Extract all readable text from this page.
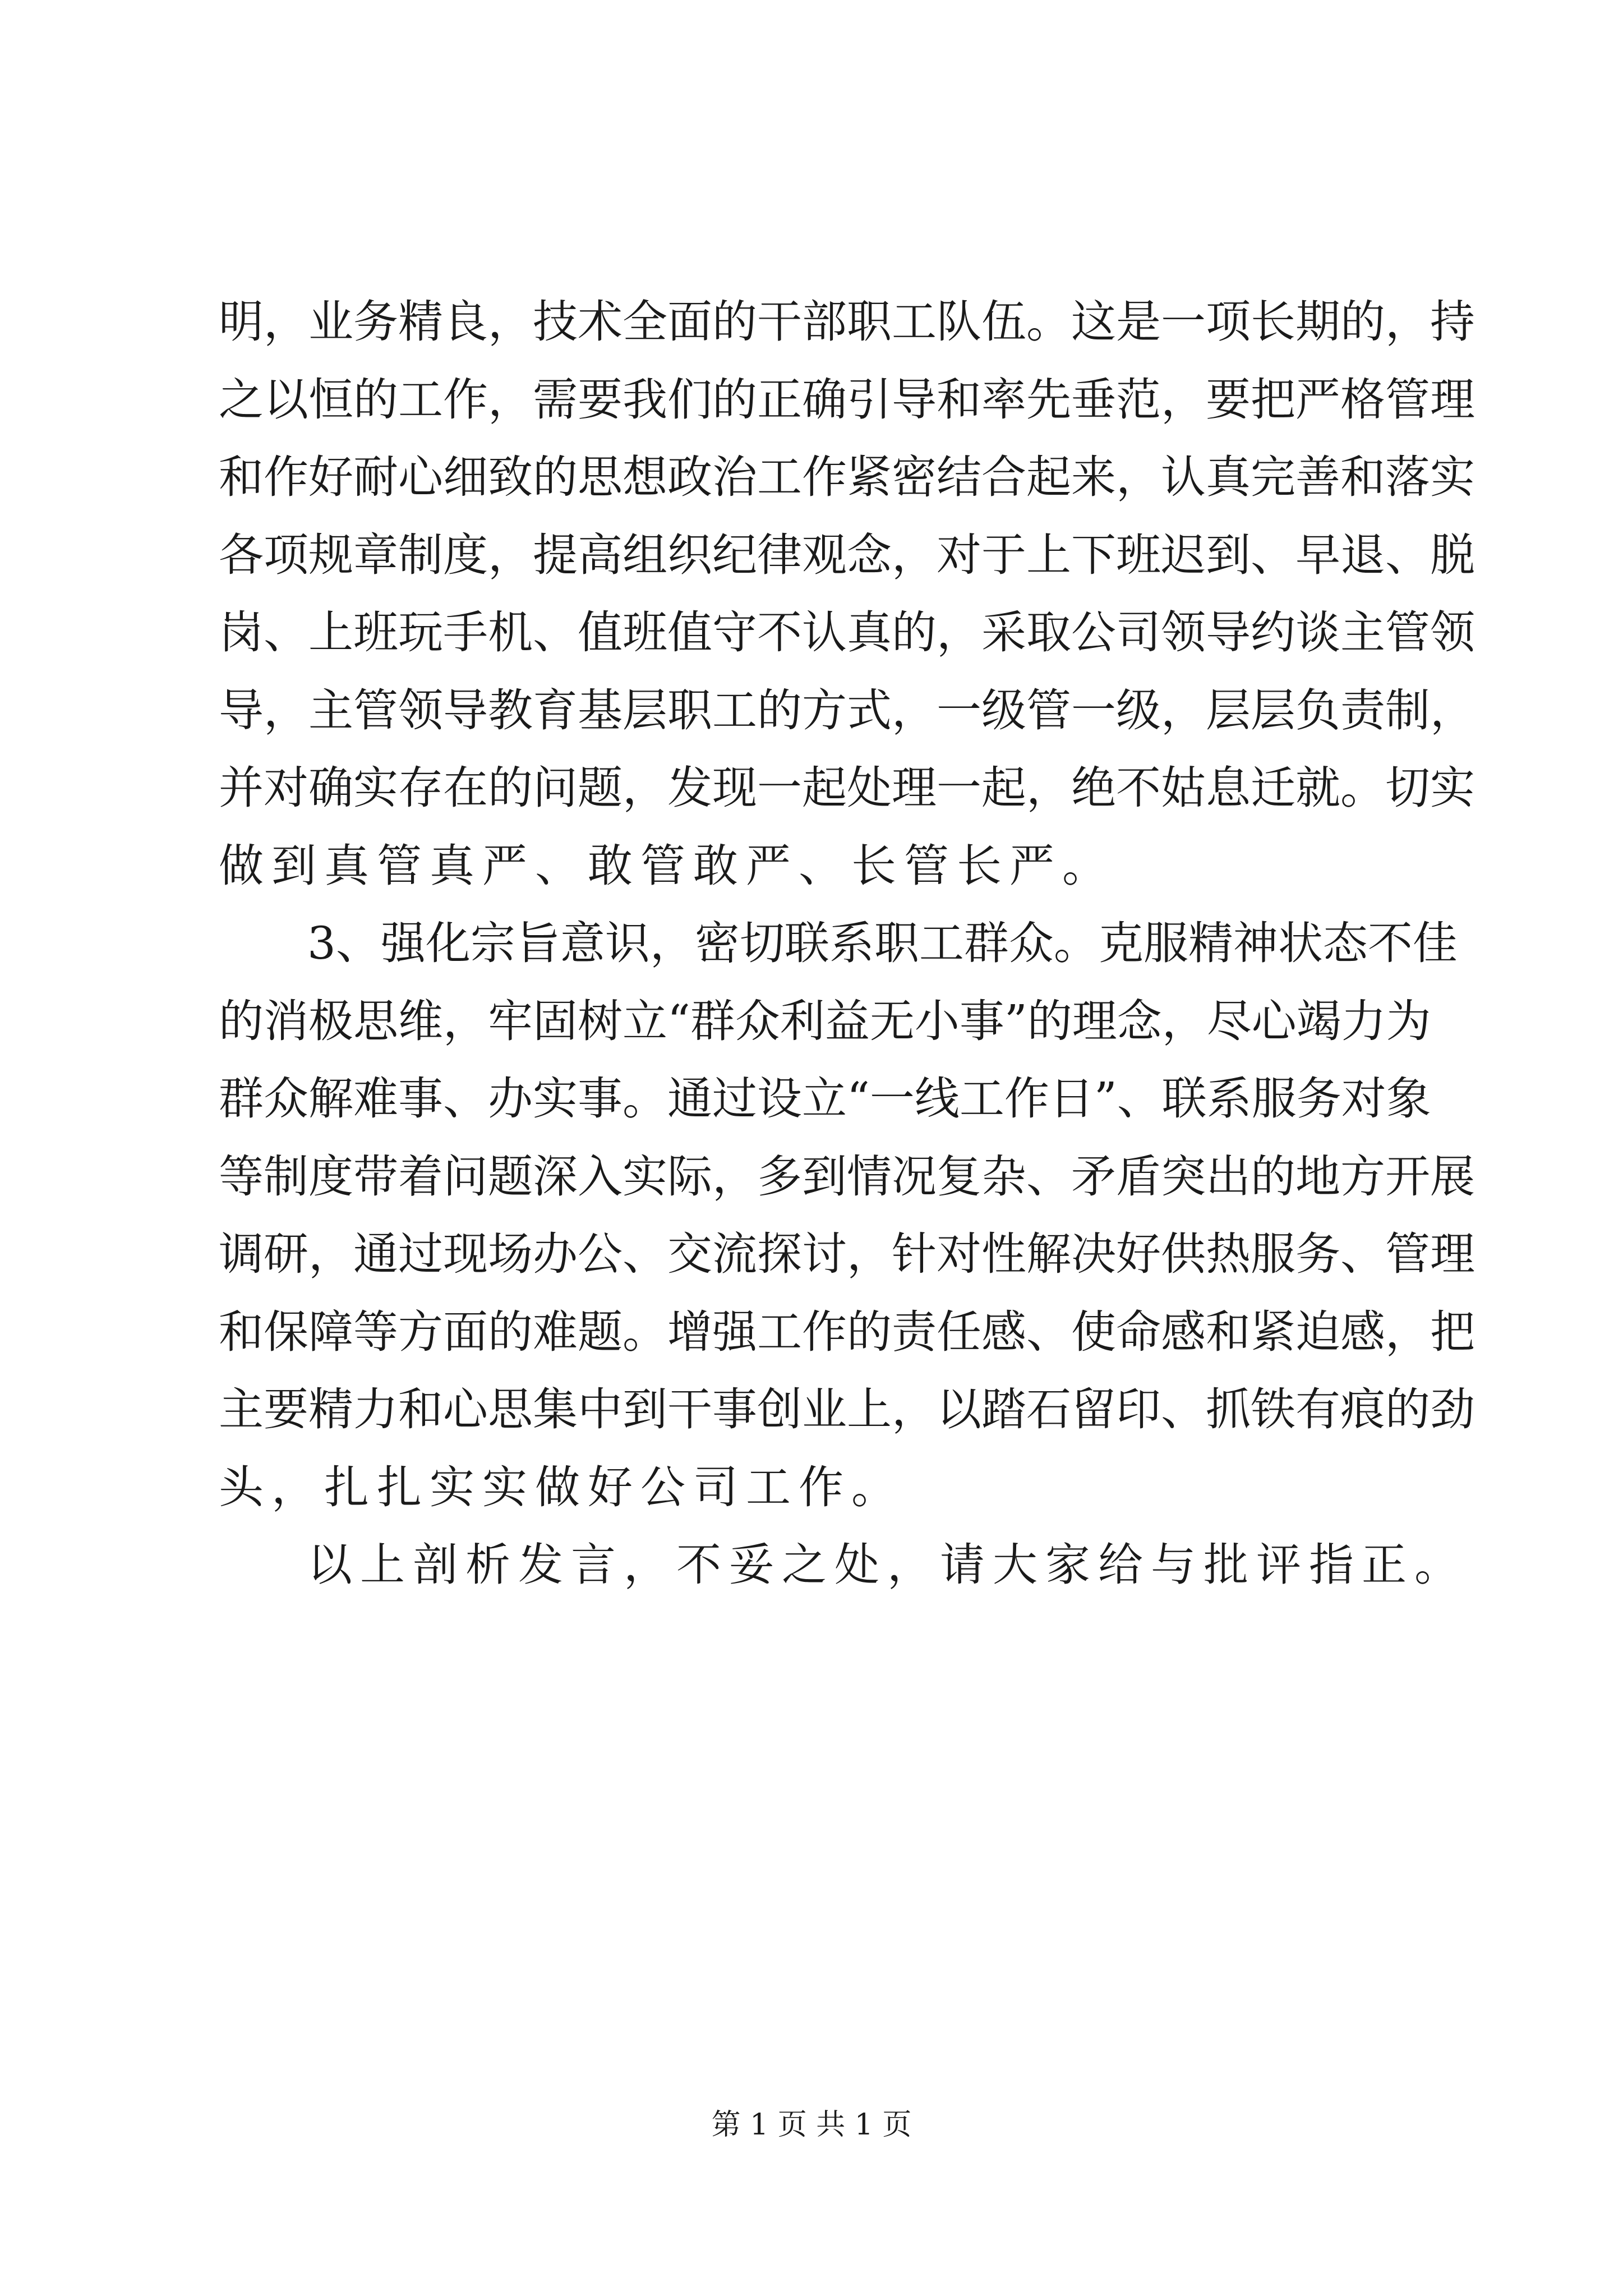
明，业务精良，技术全面的干部职工队伍。这是一项长期的，持
之以恒的工作，需要我们的正确引导和率先垂范，要把严格管理
和作好耐心细致的思想政治工作紧密结合起来，认真完善和落实
各项规章制度，提高组织纪律观念，对于上下班迟到、早退、脱
岗、上班玩手机、值班值守不认真的，采取公司领导约谈主管领
导，主管领导教育基层职工的方式，一级管一级，层层负责制，
并对确实存在的问题，发现一起处理一起，绝不姑息迁就。切实
做到真管真严、敢管敢严、长管长严。
3、强化宗旨意识，密切联系职工群众。克服精神状态不佳
的消极思维，牢固树立“群众利益无小事”的理念，尽心竭力为
群众解难事、办实事。通过设立“一线工作日”、联系服务对象
等制度带着问题深入实际，多到情况复杂、矛盾突出的地方开展
调研，通过现场办公、交流探讨，针对性解决好供热服务、管理
和保障等方面的难题。增强工作的责任感、使命感和紧迫感，把
主要精力和心思集中到干事创业上，以踏石留印、抓铁有痕的劲
头，扎扎实实做好公司工作。
以上剖析发言，不妥之处，请大家给与批评指正。
第 1 页 共 1 页
